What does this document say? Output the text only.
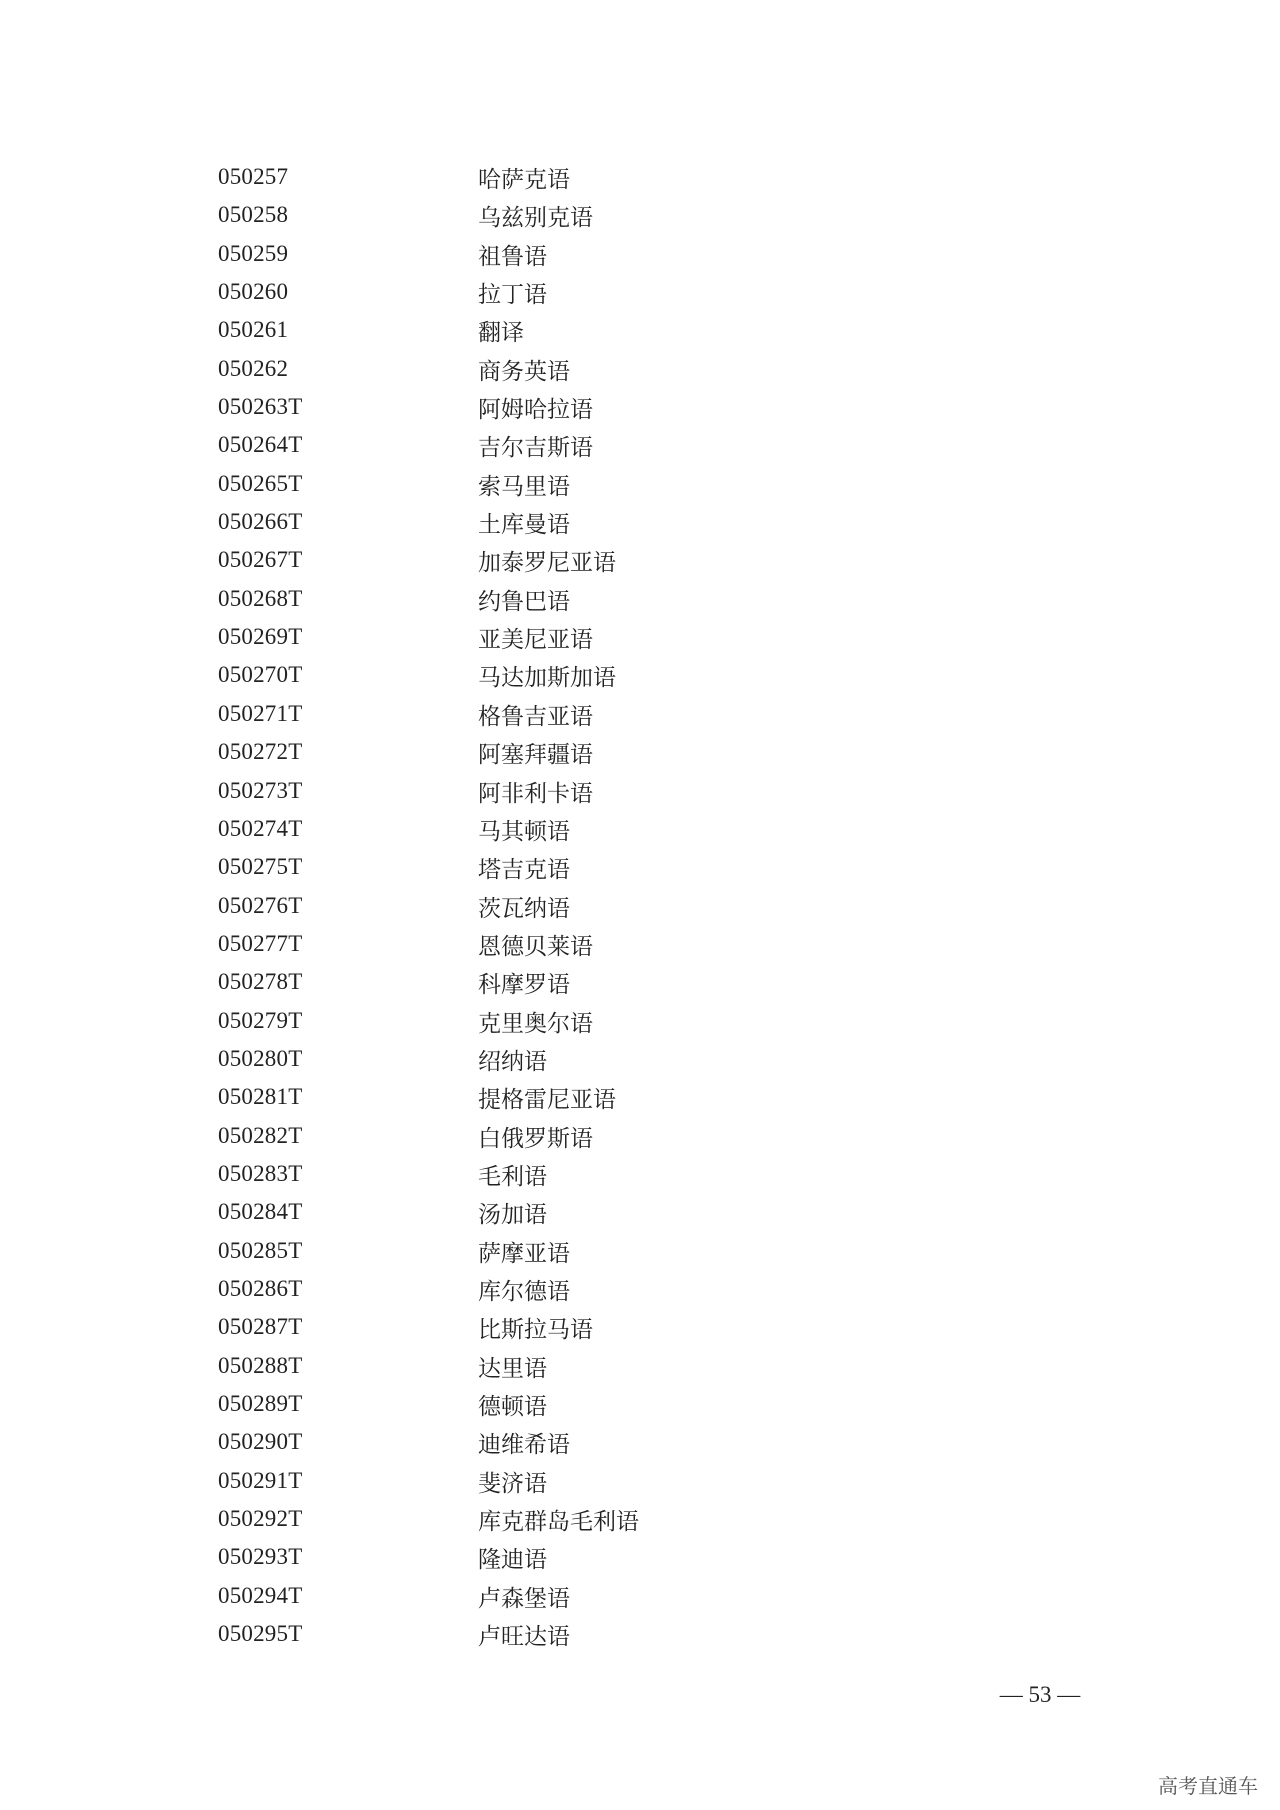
050257	哈萨克语
050258	乌兹别克语
050259	祖鲁语
050260	拉丁语
050261	翻译
050262	商务英语
050263T	阿姆哈拉语
050264T	吉尔吉斯语
050265T	索马里语
050266T	土库曼语
050267T	加泰罗尼亚语
050268T	约鲁巴语
050269T	亚美尼亚语
050270T	马达加斯加语
050271T	格鲁吉亚语
050272T	阿塞拜疆语
050273T	阿非利卡语
050274T	马其顿语
050275T	塔吉克语
050276T	茨瓦纳语
050277T	恩德贝莱语
050278T	科摩罗语
050279T	克里奥尔语
050280T	绍纳语
050281T	提格雷尼亚语
050282T	白俄罗斯语
050283T	毛利语
050284T	汤加语
050285T	萨摩亚语
050286T	库尔德语
050287T	比斯拉马语
050288T	达里语
050289T	德顿语
050290T	迪维希语
050291T	斐济语
050292T	库克群岛毛利语
050293T	隆迪语
050294T	卢森堡语
050295T	卢旺达语
— 53 —
高考直通车
